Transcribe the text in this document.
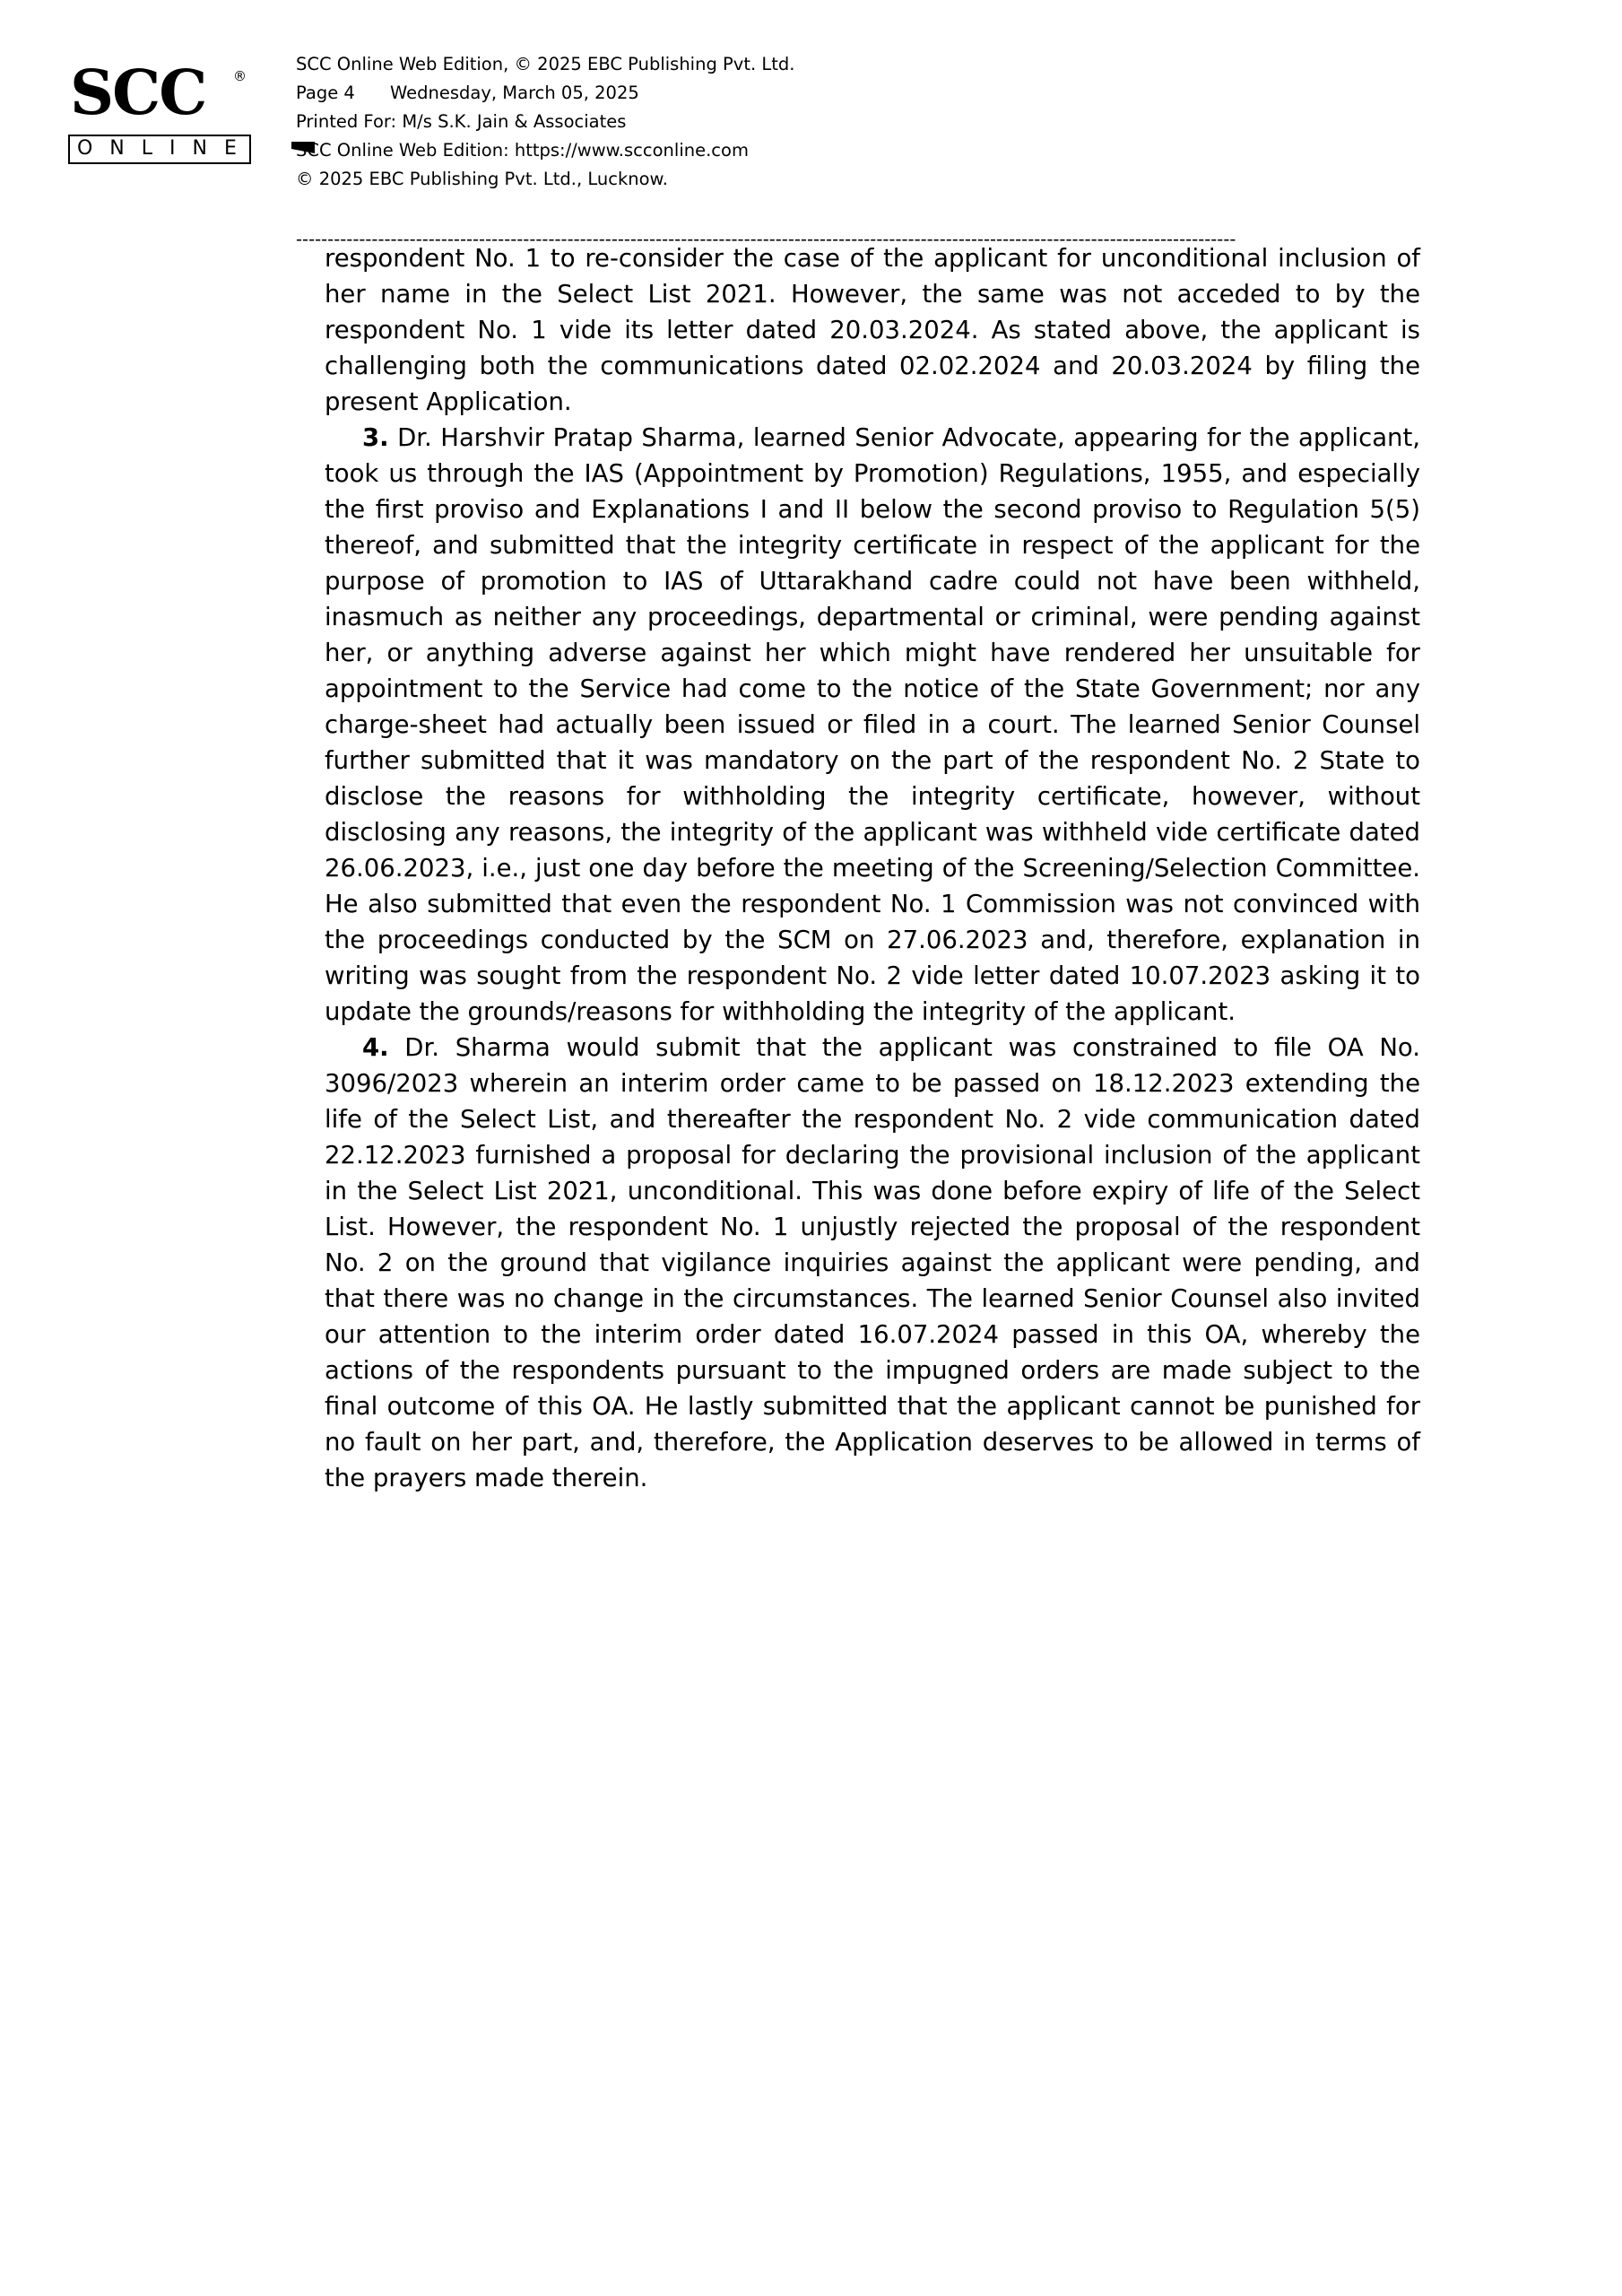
SCC ®
O N L I N E
SCC Online Web Edition, © 2025 EBC Publishing Pvt. Ltd.

Page 4 Wednesday, March 05, 2025
Printed For: M/s S.K. Jain & Associates
SCC Online Web Edition: https://www.scconline.com
© 2025 EBC Publishing Pvt. Ltd., Lucknow.
-----------------------------------------------------------------------------------------------------------------------------------------------------

respondent No. 1 to re-consider the case of the applicant for unconditional inclusion of her name in the Select List 2021. However, the same was not acceded to by the respondent No. 1 vide its letter dated 20.03.2024. As stated above, the applicant is challenging both the communications dated 02.02.2024 and 20.03.2024 by filing the present Application.

3. Dr. Harshvir Pratap Sharma, learned Senior Advocate, appearing for the applicant, took us through the IAS (Appointment by Promotion) Regulations, 1955, and especially the first proviso and Explanations I and II below the second proviso to Regulation 5(5) thereof, and submitted that the integrity certificate in respect of the applicant for the purpose of promotion to IAS of Uttarakhand cadre could not have been withheld, inasmuch as neither any proceedings, departmental or criminal, were pending against her, or anything adverse against her which might have rendered her unsuitable for appointment to the Service had come to the notice of the State Government; nor any charge-sheet had actually been issued or filed in a court. The learned Senior Counsel further submitted that it was mandatory on the part of the respondent No. 2 State to disclose the reasons for withholding the integrity certificate, however, without disclosing any reasons, the integrity of the applicant was withheld vide certificate dated 26.06.2023, i.e., just one day before the meeting of the Screening/Selection Committee. He also submitted that even the respondent No. 1 Commission was not convinced with the proceedings conducted by the SCM on 27.06.2023 and, therefore, explanation in writing was sought from the respondent No. 2 vide letter dated 10.07.2023 asking it to update the grounds/reasons for withholding the integrity of the applicant.

4. Dr. Sharma would submit that the applicant was constrained to file OA No. 3096/2023 wherein an interim order came to be passed on 18.12.2023 extending the life of the Select List, and thereafter the respondent No. 2 vide communication dated 22.12.2023 furnished a proposal for declaring the provisional inclusion of the applicant in the Select List 2021, unconditional. This was done before expiry of life of the Select List. However, the respondent No. 1 unjustly rejected the proposal of the respondent No. 2 on the ground that vigilance inquiries against the applicant were pending, and that there was no change in the circumstances. The learned Senior Counsel also invited our attention to the interim order dated 16.07.2024 passed in this OA, whereby the actions of the respondents pursuant to the impugned orders are made subject to the final outcome of this OA. He lastly submitted that the applicant cannot be punished for no fault on her part, and, therefore, the Application deserves to be allowed in terms of the prayers made therein.
